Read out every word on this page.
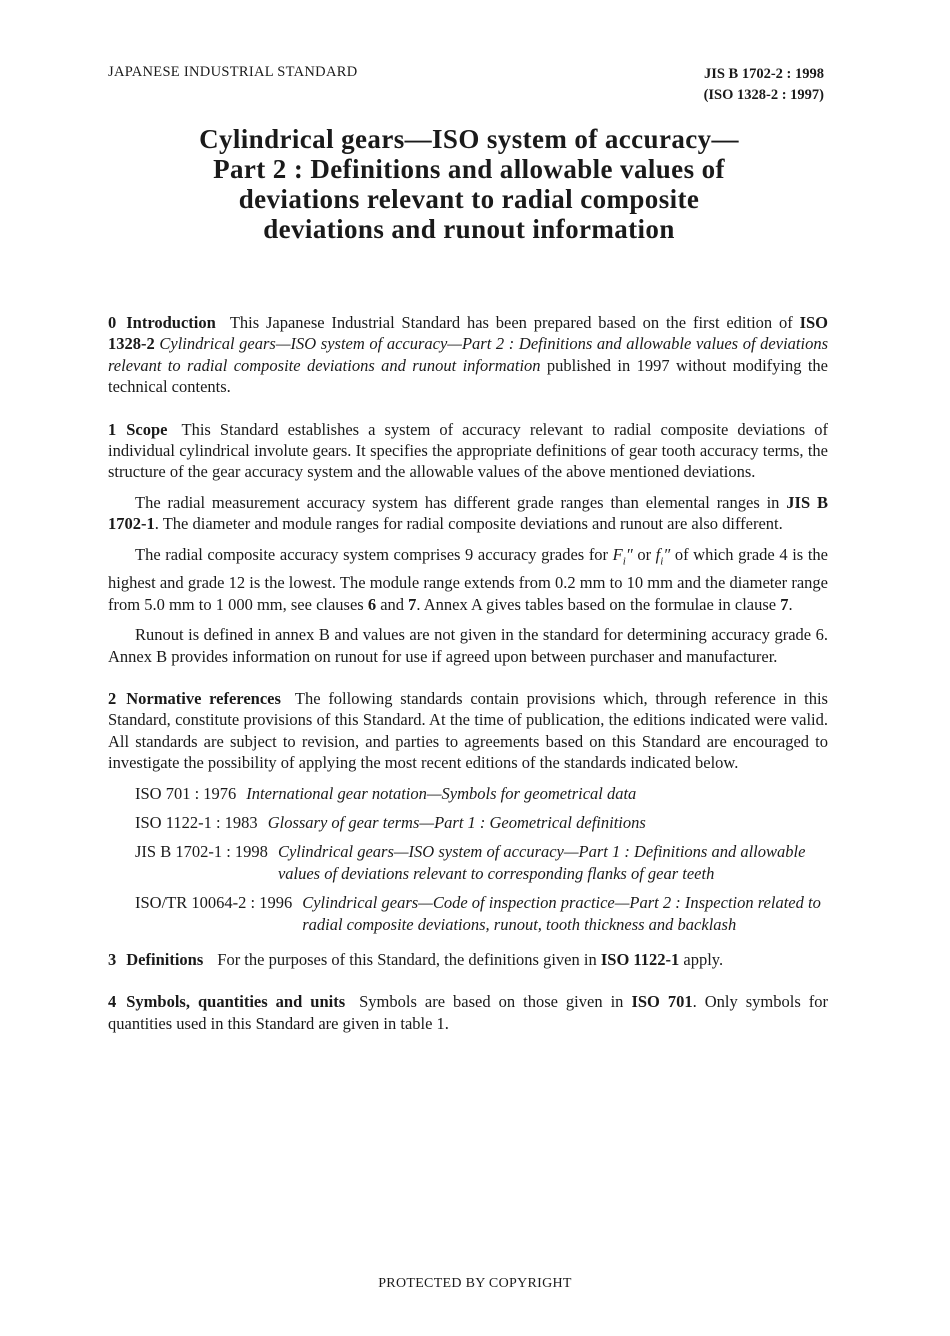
JAPANESE INDUSTRIAL STANDARD	JIS B 1702-2 : 1998
(ISO 1328-2 : 1997)
Cylindrical gears—ISO system of accuracy—
Part 2 : Definitions and allowable values of
deviations relevant to radial composite
deviations and runout information

0 Introduction This Japanese Industrial Standard has been prepared based on the first edition of ISO 1328-2 Cylindrical gears—ISO system of accuracy—Part 2 : Definitions and allowable values of deviations relevant to radial composite deviations and runout information published in 1997 without modifying the technical contents.

1 Scope This Standard establishes a system of accuracy relevant to radial composite deviations of individual cylindrical involute gears. It specifies the appropriate definitions of gear tooth accuracy terms, the structure of the gear accuracy system and the allowable values of the above mentioned deviations.

The radial measurement accuracy system has different grade ranges than elemental ranges in JIS B 1702-1. The diameter and module ranges for radial composite deviations and runout are also different.

The radial composite accuracy system comprises 9 accuracy grades for $F_i''$ or $f_i''$ of which grade 4 is the highest and grade 12 is the lowest. The module range extends from 0.2 mm to 10 mm and the diameter range from 5.0 mm to 1 000 mm, see clauses 6 and 7. Annex A gives tables based on the formulae in clause 7.

Runout is defined in annex B and values are not given in the standard for determining accuracy grade 6. Annex B provides information on runout for use if agreed upon between purchaser and manufacturer.

2 Normative references The following standards contain provisions which, through reference in this Standard, constitute provisions of this Standard. At the time of publication, the editions indicated were valid. All standards are subject to revision, and parties to agreements based on this Standard are encouraged to investigate the possibility of applying the most recent editions of the standards indicated below.

ISO 701 : 1976 International gear notation—Symbols for geometrical data
ISO 1122-1 : 1983 Glossary of gear terms—Part 1 : Geometrical definitions
JIS B 1702-1 : 1998 Cylindrical gears—ISO system of accuracy—Part 1 : Definitions and allowable values of deviations relevant to corresponding flanks of gear teeth
ISO/TR 10064-2 : 1996 Cylindrical gears—Code of inspection practice—Part 2 : Inspection related to radial composite deviations, runout, tooth thickness and backlash

3 Definitions For the purposes of this Standard, the definitions given in ISO 1122-1 apply.

4 Symbols, quantities and units Symbols are based on those given in ISO 701. Only symbols for quantities used in this Standard are given in table 1.

PROTECTED BY COPYRIGHT
